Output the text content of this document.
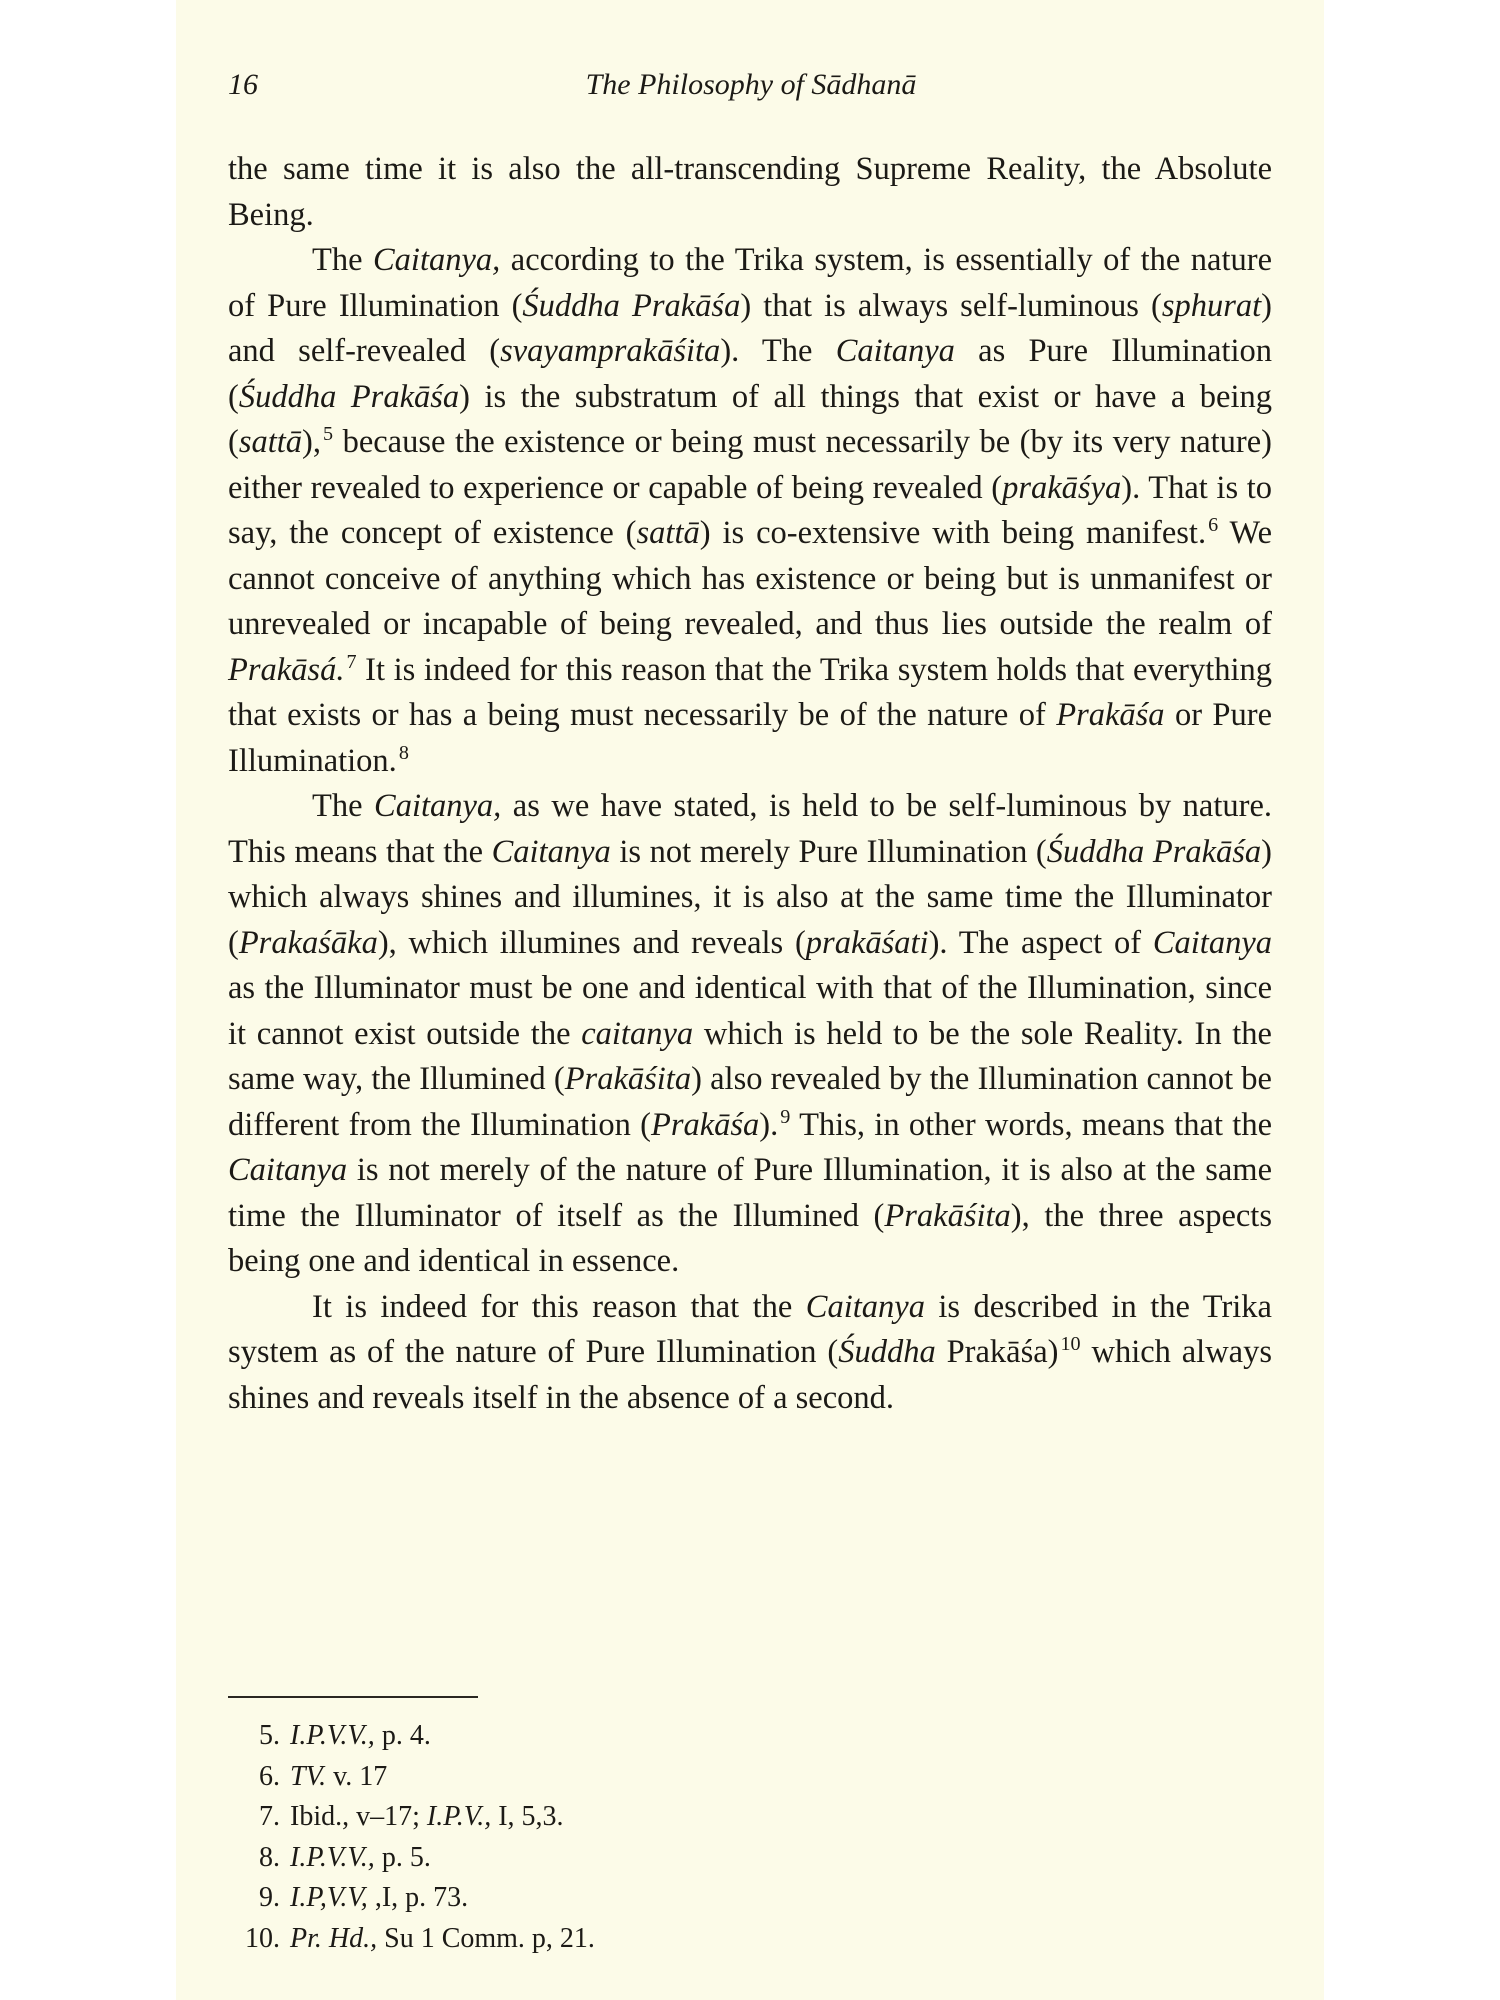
16	The Philosophy of Sādhanā

the same time it is also the all-transcending Supreme Reality, the Absolute Being.

The Caitanya, according to the Trika system, is essentially of the nature of Pure Illumination (Śuddha Prakāśa) that is always self-luminous (sphurat) and self-revealed (svayamprakāśita). The Caitanya as Pure Illumination (Śuddha Prakāśa) is the substratum of all things that exist or have a being (sattā),$^5$ because the existence or being must necessarily be (by its very nature) either revealed to experience or capable of being revealed (prakāśya). That is to say, the concept of existence (sattā) is co-extensive with being manifest.$^6$ We cannot conceive of anything which has existence or being but is unmanifest or unrevealed or incapable of being revealed, and thus lies outside the realm of Prakāsá.$^7$ It is indeed for this reason that the Trika system holds that everything that exists or has a being must necessarily be of the nature of Prakāśa or Pure Illumination.$^8$

The Caitanya, as we have stated, is held to be self-luminous by nature. This means that the Caitanya is not merely Pure Illumination (Śuddha Prakāśa) which always shines and illumines, it is also at the same time the Illuminator (Prakaśāka), which illumines and reveals (prakāśati). The aspect of Caitanya as the Illuminator must be one and identical with that of the Illumination, since it cannot exist outside the caitanya which is held to be the sole Reality. In the same way, the Illumined (Prakāśita) also revealed by the Illumination cannot be different from the Illumination (Prakāśa).$^9$ This, in other words, means that the Caitanya is not merely of the nature of Pure Illumination, it is also at the same time the Illuminator of itself as the Illumined (Prakāśita), the three aspects being one and identical in essence.

It is indeed for this reason that the Caitanya is described in the Trika system as of the nature of Pure Illumination (Śuddha Prakāśa)$^{10}$ which always shines and reveals itself in the absence of a second.

5. I.P.V.V., p. 4.
6. TV. v. 17
7. Ibid., v–17; I.P.V., I, 5,3.
8. I.P.V.V., p. 5.
9. I.P,V.V, ,I, p. 73.
10. Pr. Hd., Su 1 Comm. p, 21.
